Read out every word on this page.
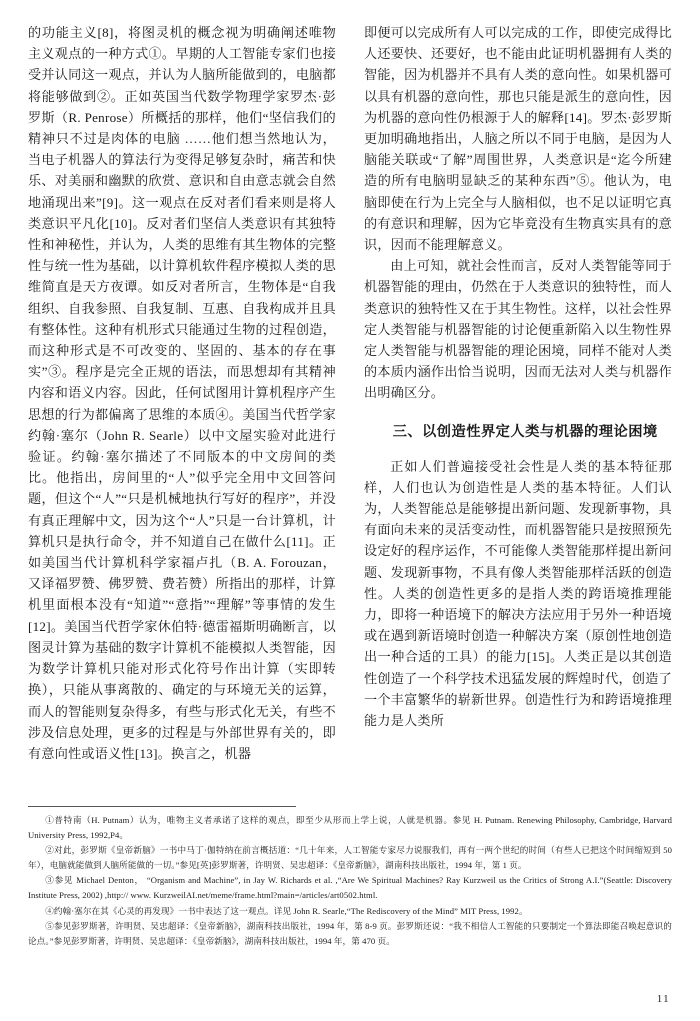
的功能主义[8]，将图灵机的概念视为明确阐述唯物主义观点的一种方式①。早期的人工智能专家们也接受并认同这一观点，并认为人脑所能做到的，电脑都将能够做到②。正如英国当代数学物理学家罗杰·彭罗斯（R. Penrose）所概括的那样，他们“坚信我们的精神只不过是肉体的电脑 ……他们想当然地认为，当电子机器人的算法行为变得足够复杂时，痛苦和快乐、对美丽和幽默的欣赏、意识和自由意志就会自然地涌现出来”[9]。这一观点在反对者们看来则是将人类意识平凡化[10]。反对者们坚信人类意识有其独特性和神秘性，并认为，人类的思维有其生物体的完整性与统一性为基础，以计算机软件程序模拟人类的思维简直是天方夜谭。如反对者所言，生物体是“自我组织、自我参照、自我复制、互惠、自我构成并且具有整体性。这种有机形式只能通过生物的过程创造，而这种形式是不可改变的、坚固的、基本的存在事实”③。程序是完全正规的语法，而思想却有其精神内容和语义内容。因此，任何试图用计算机程序产生思想的行为都偏离了思维的本质④。美国当代哲学家约翰·塞尔（John R. Searle）以中文屋实验对此进行验证。约翰·塞尔描述了不同版本的中文房间的类比。他指出，房间里的“人”似乎完全用中文回答问题，但这个“人”“只是机械地执行写好的程序”，并没有真正理解中文，因为这个“人”只是一台计算机，计算机只是执行命令，并不知道自己在做什么[11]。正如美国当代计算机科学家福卢扎（B. A. Forouzan，又译福罗赞、佛罗赞、费若赞）所指出的那样，计算机里面根本没有“知道”“意指”“理解”等事情的发生[12]。美国当代哲学家休伯特·德雷福斯明确断言，以图灵计算为基础的数字计算机不能模拟人类智能，因为数学计算机只能对形式化符号作出计算（实即转换），只能从事离散的、确定的与环境无关的运算，而人的智能则复杂得多，有些与形式化无关，有些不涉及信息处理，更多的过程是与外部世界有关的，即有意向性或语义性[13]。换言之，机器

即便可以完成所有人可以完成的工作，即使完成得比人还要快、还要好，也不能由此证明机器拥有人类的智能，因为机器并不具有人类的意向性。如果机器可以具有机器的意向性，那也只能是派生的意向性，因为机器的意向性仍根源于人的解释[14]。罗杰·彭罗斯更加明确地指出，人脑之所以不同于电脑，是因为人脑能关联或“了解”周围世界，人类意识是“迄今所建造的所有电脑明显缺乏的某种东西”⑤。他认为，电脑即使在行为上完全与人脑相似，也不足以证明它真的有意识和理解，因为它毕竟没有生物真实具有的意识，因而不能理解意义。

由上可知，就社会性而言，反对人类智能等同于机器智能的理由，仍然在于人类意识的独特性，而人类意识的独特性又在于其生物性。这样，以社会性界定人类智能与机器智能的讨论便重新陷入以生物性界定人类智能与机器智能的理论困境，同样不能对人类的本质内涵作出恰当说明，因而无法对人类与机器作出明确区分。

三、以创造性界定人类与机器的理论困境

正如人们普遍接受社会性是人类的基本特征那样，人们也认为创造性是人类的基本特征。人们认为，人类智能总是能够提出新问题、发现新事物，具有面向未来的灵活变动性，而机器智能只是按照预先设定好的程序运作，不可能像人类智能那样提出新问题、发现新事物，不具有像人类智能那样活跃的创造性。人类的创造性更多的是指人类的跨语境推理能力，即将一种语境下的解决方法应用于另外一种语境或在遇到新语境时创造一种解决方案（原创性地创造出一种合适的工具）的能力[15]。人类正是以其创造性创造了一个科学技术迅猛发展的辉煌时代，创造了一个丰富繁华的崭新世界。创造性行为和跨语境推理能力是人类所

①普特南（H. Putnam）认为，唯物主义者承诺了这样的观点，即至少从形而上学上说，人就是机器。参见 H. Putnam. Renewing Philosophy, Cambridge, Harvard University Press, 1992,P4。

②对此，彭罗斯《皇帝新脑》一书中马丁·伽特纳在前言概括道：“几十年来，人工智能专家尽力说服我们，再有一两个世纪的时间（有些人已把这个时间缩短到 50 年），电脑就能做到人脑所能做的一切。”参见[英]彭罗斯著，许明贤、吴忠超译：《皇帝新脑》，湖南科技出版社，1994 年，第 1 页。

③参见 Michael Denton， “Organism and Machine”, in Jay W. Richards et al. ,“Are We Spiritual Machines? Ray Kurzweil us the Critics of Strong A.I.”(Seattle: Discovery Institute Press, 2002) ,http:// www. KurzweilAI.net/meme/frame.html?main=/articles/art0502.html.

④约翰·塞尔在其《心灵的再发现》一书中表达了这一观点。详见 John R. Searle,“The Rediscovery of the Mind” MIT Press, 1992。

⑤参见彭罗斯著，许明贤、吴忠超译：《皇帝新脑》，湖南科技出版社，1994 年，第 8-9 页。彭罗斯还说：“我不相信人工智能的只要制定一个算法即能召唤起意识的论点。”参见彭罗斯著，许明贤、吴忠超译：《皇帝新脑》，湖南科技出版社，1994 年，第 470 页。

11
